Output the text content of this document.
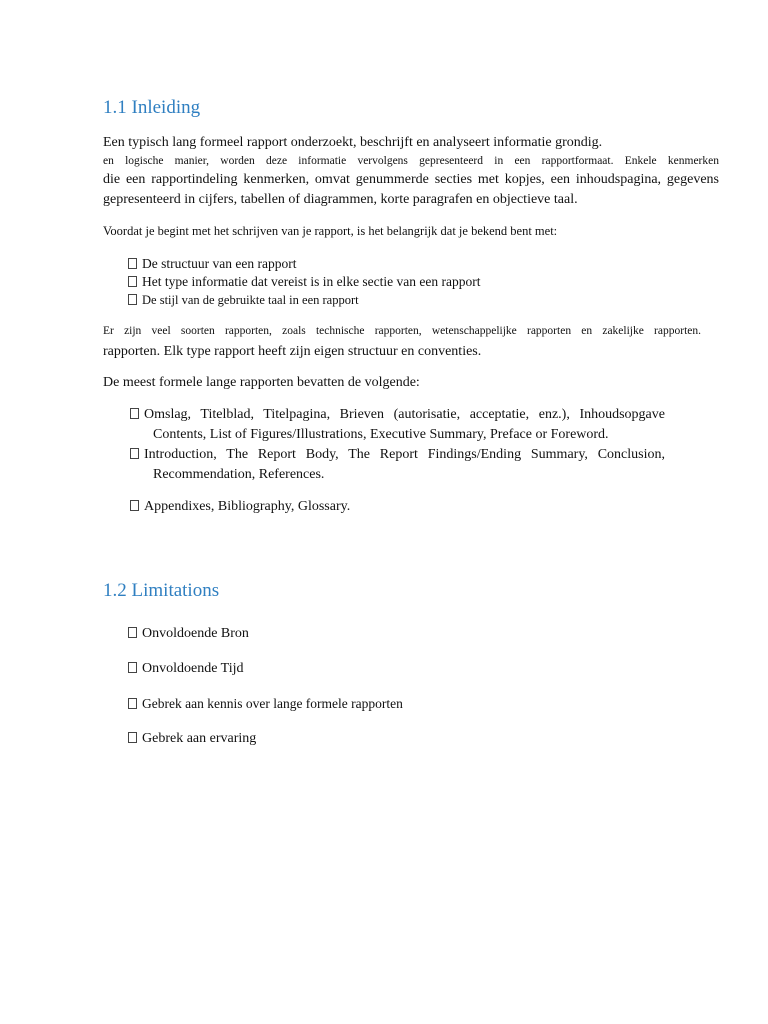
1.1 Inleiding

Een typisch lang formeel rapport onderzoekt, beschrijft en analyseert informatie grondig.

en logische manier, worden deze informatie vervolgens gepresenteerd in een rapportformaat. Enkele kenmerken

die een rapportindeling kenmerken, omvat genummerde secties met kopjes, een inhoudspagina, gegevens

gepresenteerd in cijfers, tabellen of diagrammen, korte paragrafen en objectieve taal.

Voordat je begint met het schrijven van je rapport, is het belangrijk dat je bekend bent met:

De structuur van een rapport
Het type informatie dat vereist is in elke sectie van een rapport
De stijl van de gebruikte taal in een rapport

Er zijn veel soorten rapporten, zoals technische rapporten, wetenschappelijke rapporten en zakelijke rapporten.

rapporten. Elk type rapport heeft zijn eigen structuur en conventies.

De meest formele lange rapporten bevatten de volgende:

Omslag, Titelblad, Titelpagina, Brieven (autorisatie, acceptatie, enz.), Inhoudsopgave
Contents, List of Figures/Illustrations, Executive Summary, Preface or Foreword.
Introduction, The Report Body, The Report Findings/Ending Summary, Conclusion,
Recommendation, References.
Appendixes, Bibliography, Glossary.
1.2 Limitations
Onvoldoende Bron
Onvoldoende Tijd
Gebrek aan kennis over lange formele rapporten
Gebrek aan ervaring
